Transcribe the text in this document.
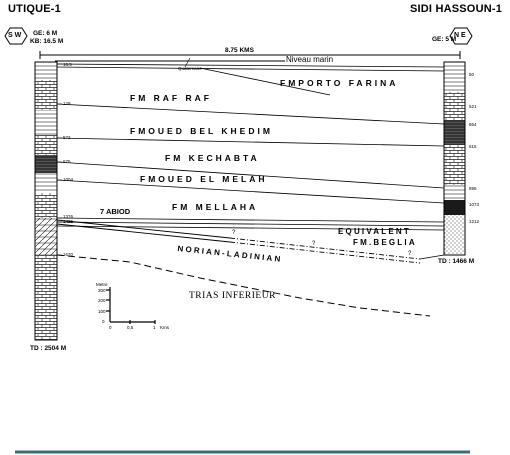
UTIQUE-1	SIDI HASSOUN-1
S W	N E
GE: 6 M
KB: 16.5 M	GE: 5 M
8.75 KMS
Niveau marin
Quaternaire
16.5
129
572
675
1004
1376
1425
1670
50
521
664
615
895
1073
1212
FMPORTO FARINA
FM RAF RAF
FMOUED BEL KHEDIM
FM KECHABTA
FMOUED EL MELAH
FM MELLAHA
7 ABIOD
EQUIVALENT
FM.BEGLIA
NORIAN-LADINIAN
TRIAS INFERIEUR
?
?
?
TD : 2504 M
TD : 1466 M
Metre
300
200
100
0
0	0,5	1 Kms
